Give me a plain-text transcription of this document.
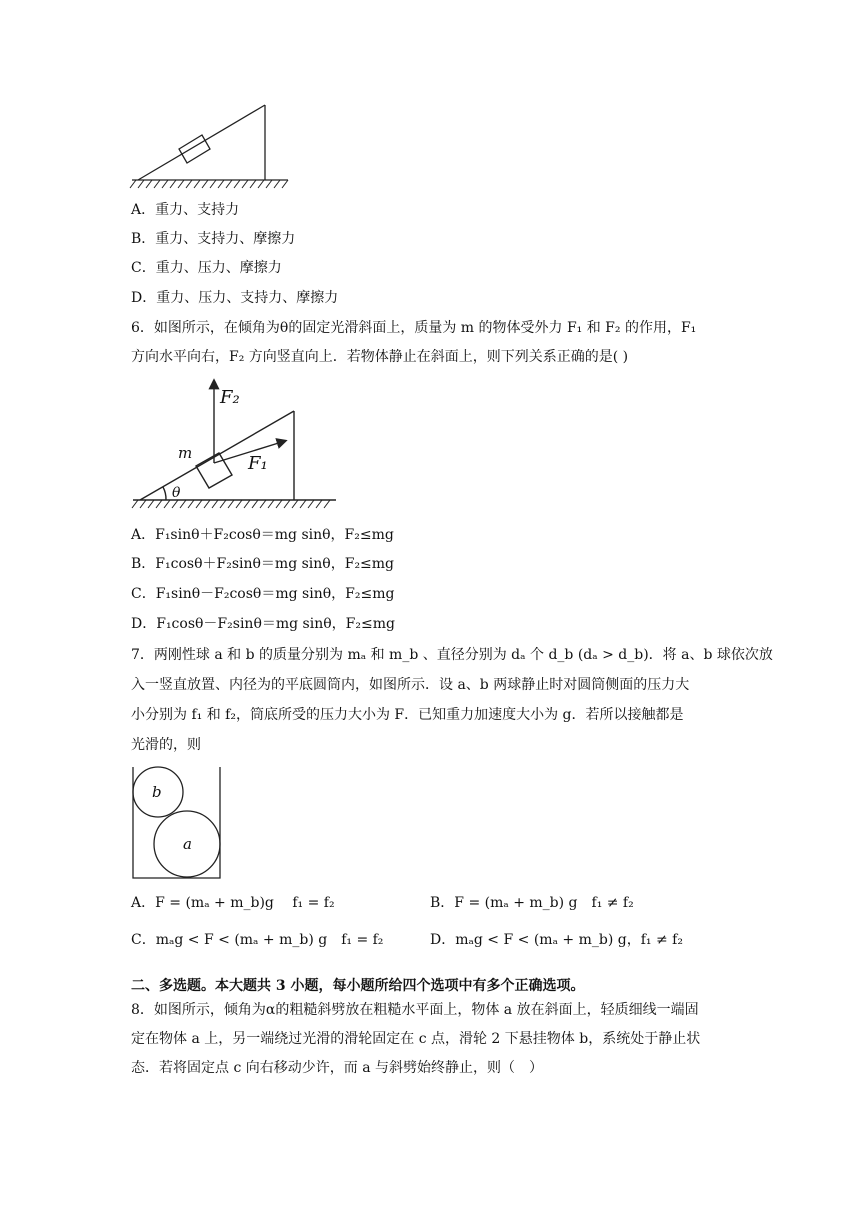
A．重力、支持力
B．重力、支持力、摩擦力
C．重力、压力、摩擦力
D．重力、压力、支持力、摩擦力
6．如图所示，在倾角为θ的固定光滑斜面上，质量为 m 的物体受外力 F₁ 和 F₂ 的作用，F₁
方向水平向右，F₂ 方向竖直向上．若物体静止在斜面上，则下列关系正确的是( )
F₂
m	F₁
θ
A．F₁sinθ＋F₂cosθ＝mg sinθ，F₂≤mg
B．F₁cosθ＋F₂sinθ＝mg sinθ，F₂≤mg
C．F₁sinθ－F₂cosθ＝mg sinθ，F₂≤mg
D．F₁cosθ－F₂sinθ＝mg sinθ，F₂≤mg
7．两刚性球 a 和 b 的质量分别为 mₐ 和 m_b 、直径分别为 dₐ 个 d_b (dₐ > d_b)．将 a、b 球依次放
入一竖直放置、内径为的平底圆筒内，如图所示．设 a、b 两球静止时对圆筒侧面的压力大
小分别为 f₁ 和 f₂，筒底所受的压力大小为 F．已知重力加速度大小为 g．若所以接触都是
光滑的，则
b
a
A．F = (mₐ + m_b)g　 f₁ = f₂	B．F = (mₐ + m_b) g　f₁ ≠ f₂
C．mₐg < F < (mₐ + m_b) g　f₁ = f₂	D．mₐg < F < (mₐ + m_b) g，f₁ ≠ f₂
二、多选题。本大题共 3 小题，每小题所给四个选项中有多个正确选项。
8．如图所示，倾角为α的粗糙斜劈放在粗糙水平面上，物体 a 放在斜面上，轻质细线一端固
定在物体 a 上，另一端绕过光滑的滑轮固定在 c 点，滑轮 2 下悬挂物体 b，系统处于静止状
态．若将固定点 c 向右移动少许，而 a 与斜劈始终静止，则（　）
